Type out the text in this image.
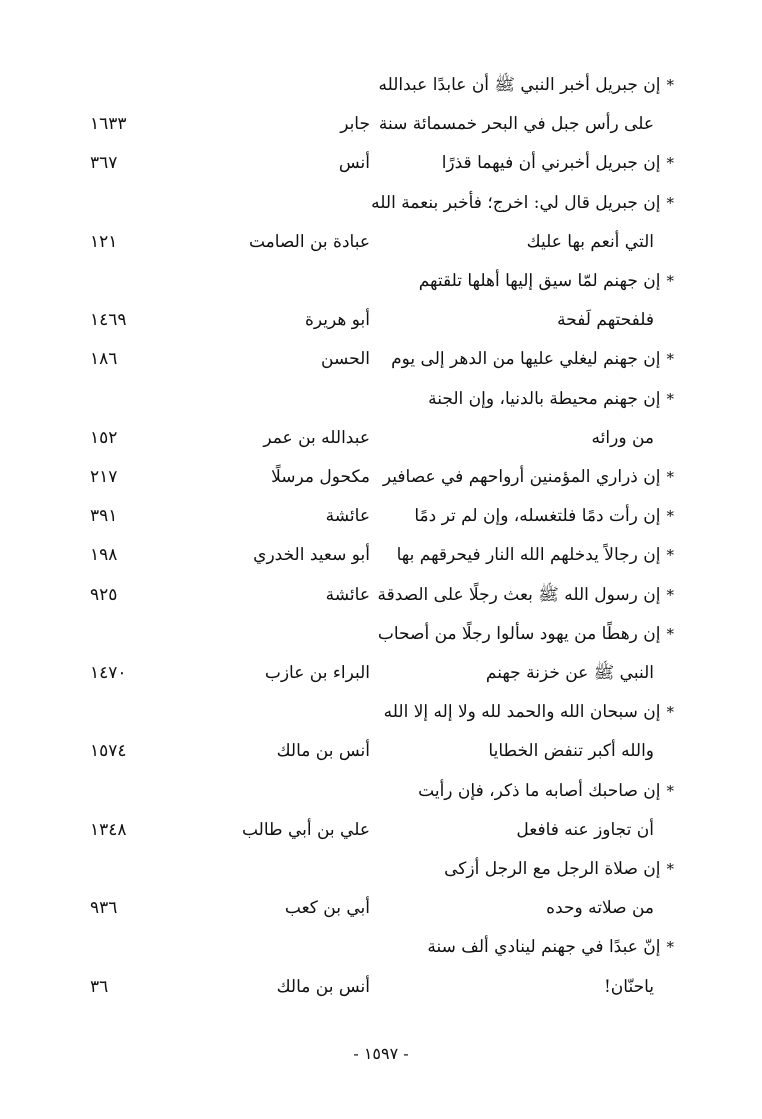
*إن جبريل أخبر النبي ﷺ أن عابدًا عبدالله
على رأس جبل في البحر خمسمائة سنة
جابر
١٦٣٣
*إن جبريل أخبرني أن فيهما قذرًا
أنس
٣٦٧
*إن جبريل قال لي: اخرج؛ فأخبر بنعمة الله
التي أنعم بها عليك
عبادة بن الصامت
١٢١
*إن جهنم لمّا سيق إليها أهلها تلقتهم
فلفحتهم لَفحة
أبو هريرة
١٤٦٩
*إن جهنم ليغلي عليها من الدهر إلى يوم
الحسن
١٨٦
*إن جهنم محيطة بالدنيا، وإن الجنة
من ورائه
عبدالله بن عمر
١٥٢
*إن ذراري المؤمنين أرواحهم في عصافير
مكحول مرسلًا
٢١٧
*إن رأت دمًا فلتغسله، وإن لم تر دمًا
عائشة
٣٩١
*إن رجالاً يدخلهم الله النار فيحرقهم بها
أبو سعيد الخدري
١٩٨
*إن رسول الله ﷺ بعث رجلًا على الصدقة
عائشة
٩٢٥
*إن رهطًا من يهود سألوا رجلًا من أصحاب
النبي ﷺ عن خزنة جهنم
البراء بن عازب
١٤٧٠
*إن سبحان الله والحمد لله ولا إله إلا الله
والله أكبر تنفض الخطايا
أنس بن مالك
١٥٧٤
*إن صاحبك أصابه ما ذكر، فإن رأيت
أن تجاوز عنه فافعل
علي بن أبي طالب
١٣٤٨
*إن صلاة الرجل مع الرجل أزكى
من صلاته وحده
أبي بن كعب
٩٣٦
*إنّ عبدًا في جهنم لينادي ألف سنة
ياحنّان!
أنس بن مالك
٣٦
- ١٥٩٧ -
